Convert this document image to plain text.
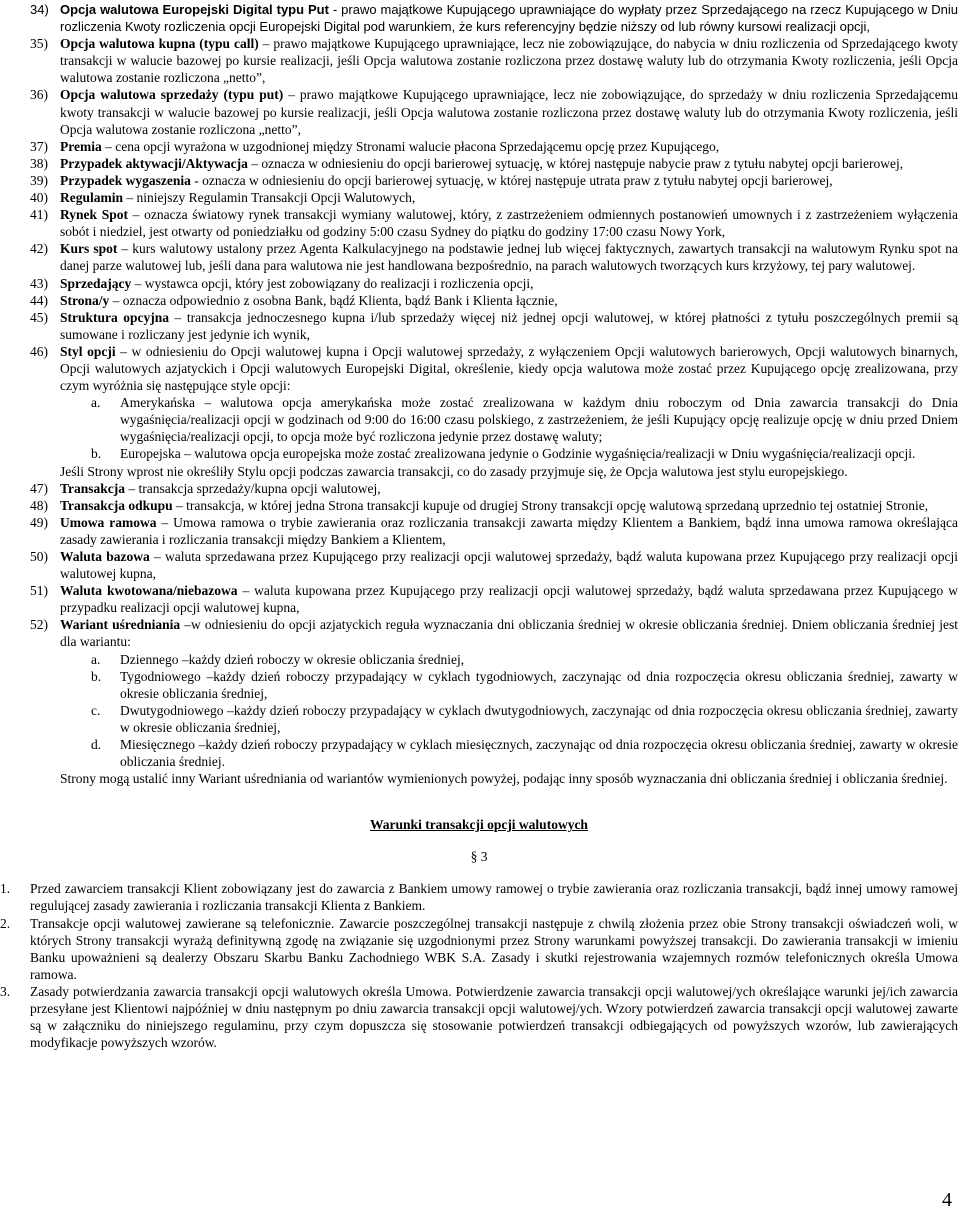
34) Opcja walutowa Europejski Digital typu Put - prawo majątkowe Kupującego uprawniające do wypłaty przez Sprzedającego na rzecz Kupującego w Dniu rozliczenia Kwoty rozliczenia opcji Europejski Digital pod warunkiem, że kurs referencyjny będzie niższy od lub równy kursowi realizacji opcji,
35) Opcja walutowa kupna (typu call) – prawo majątkowe Kupującego uprawniające, lecz nie zobowiązujące, do nabycia w dniu rozliczenia od Sprzedającego kwoty transakcji w walucie bazowej po kursie realizacji, jeśli Opcja walutowa zostanie rozliczona przez dostawę waluty lub do otrzymania Kwoty rozliczenia, jeśli Opcja walutowa zostanie rozliczona „netto”,
36) Opcja walutowa sprzedaży (typu put) – prawo majątkowe Kupującego uprawniające, lecz nie zobowiązujące, do sprzedaży w dniu rozliczenia Sprzedającemu kwoty transakcji w walucie bazowej po kursie realizacji, jeśli Opcja walutowa zostanie rozliczona przez dostawę waluty lub do otrzymania Kwoty rozliczenia, jeśli Opcja walutowa zostanie rozliczona „netto”,
37) Premia – cena opcji wyrażona w uzgodnionej między Stronami walucie płacona Sprzedającemu opcję przez Kupującego,
38) Przypadek aktywacji/Aktywacja – oznacza w odniesieniu do opcji barierowej sytuację, w której następuje nabycie praw z tytułu nabytej opcji barierowej,
39) Przypadek wygaszenia - oznacza w odniesieniu do opcji barierowej sytuację, w której następuje utrata praw z tytułu nabytej opcji barierowej,
40) Regulamin – niniejszy Regulamin Transakcji Opcji Walutowych,
41) Rynek Spot – oznacza światowy rynek transakcji wymiany walutowej, który, z zastrzeżeniem odmiennych postanowień umownych i z zastrzeżeniem wyłączenia sobót i niedziel, jest otwarty od poniedziałku od godziny 5:00 czasu Sydney do piątku do godziny 17:00 czasu Nowy York,
42) Kurs spot – kurs walutowy ustalony przez Agenta Kalkulacyjnego na podstawie jednej lub więcej faktycznych, zawartych transakcji na walutowym Rynku spot na danej parze walutowej lub, jeśli dana para walutowa nie jest handlowana bezpośrednio, na parach walutowych tworzących kurs krzyżowy, tej pary walutowej.
43) Sprzedający – wystawca opcji, który jest zobowiązany do realizacji i rozliczenia opcji,
44) Strona/y – oznacza odpowiednio z osobna Bank, bądź Klienta, bądź Bank i Klienta łącznie,
45) Struktura opcyjna – transakcja jednoczesnego kupna i/lub sprzedaży więcej niż jednej opcji walutowej, w której płatności z tytułu poszczególnych premii są sumowane i rozliczany jest jedynie ich wynik,
46) Styl opcji – w odniesieniu do Opcji walutowej kupna i Opcji walutowej sprzedaży, z wyłączeniem Opcji walutowych barierowych, Opcji walutowych binarnych, Opcji walutowych azjatyckich i Opcji walutowych Europejski Digital, określenie, kiedy opcja walutowa może zostać przez Kupującego opcję zrealizowana, przy czym wyróżnia się następujące style opcji:
a. Amerykańska – walutowa opcja amerykańska może zostać zrealizowana w każdym dniu roboczym od Dnia zawarcia transakcji do Dnia wygaśnięcia/realizacji opcji w godzinach od 9:00 do 16:00 czasu polskiego, z zastrzeżeniem, że jeśli Kupujący opcję realizuje opcję w dniu przed Dniem wygaśnięcia/realizacji opcji, to opcja może być rozliczona jedynie przez dostawę waluty;
b. Europejska – walutowa opcja europejska może zostać zrealizowana jedynie o Godzinie wygaśnięcia/realizacji w Dniu wygaśnięcia/realizacji opcji.
Jeśli Strony wprost nie określiły Stylu opcji podczas zawarcia transakcji, co do zasady przyjmuje się, że Opcja walutowa jest stylu europejskiego.
47) Transakcja – transakcja sprzedaży/kupna opcji walutowej,
48) Transakcja odkupu – transakcja, w której jedna Strona transakcji kupuje od drugiej Strony transakcji opcję walutową sprzedaną uprzednio tej ostatniej Stronie,
49) Umowa ramowa – Umowa ramowa o trybie zawierania oraz rozliczania transakcji zawarta między Klientem a Bankiem, bądź inna umowa ramowa określająca zasady zawierania i rozliczania transakcji między Bankiem a Klientem,
50) Waluta bazowa – waluta sprzedawana przez Kupującego przy realizacji opcji walutowej sprzedaży, bądź waluta kupowana przez Kupującego przy realizacji opcji walutowej kupna,
51) Waluta kwotowana/niebazowa – waluta kupowana przez Kupującego przy realizacji opcji walutowej sprzedaży, bądź waluta sprzedawana przez Kupującego w przypadku realizacji opcji walutowej kupna,
52) Wariant uśredniania –w odniesieniu do opcji azjatyckich reguła wyznaczania dni obliczania średniej w okresie obliczania średniej. Dniem obliczania średniej jest dla wariantu:
a. Dziennego –każdy dzień roboczy w okresie obliczania średniej,
b. Tygodniowego –każdy dzień roboczy przypadający w cyklach tygodniowych, zaczynając od dnia rozpoczęcia okresu obliczania średniej, zawarty w okresie obliczania średniej,
c. Dwutygodniowego –każdy dzień roboczy przypadający w cyklach dwutygodniowych, zaczynając od dnia rozpoczęcia okresu obliczania średniej, zawarty w okresie obliczania średniej,
d. Miesięcznego –każdy dzień roboczy przypadający w cyklach miesięcznych, zaczynając od dnia rozpoczęcia okresu obliczania średniej, zawarty w okresie obliczania średniej.
Strony mogą ustalić inny Wariant uśredniania od wariantów wymienionych powyżej, podając inny sposób wyznaczania dni obliczania średniej i obliczania średniej.
Warunki transakcji opcji walutowych
§ 3
1. Przed zawarciem transakcji Klient zobowiązany jest do zawarcia z Bankiem umowy ramowej o trybie zawierania oraz rozliczania transakcji, bądź innej umowy ramowej regulującej zasady zawierania i rozliczania transakcji Klienta z Bankiem.
2. Transakcje opcji walutowej zawierane są telefonicznie. Zawarcie poszczególnej transakcji następuje z chwilą złożenia przez obie Strony transakcji oświadczeń woli, w których Strony transakcji wyrażą definitywną zgodę na związanie się uzgodnionymi przez Strony warunkami powyższej transakcji. Do zawierania transakcji w imieniu Banku upoważnieni są dealerzy Obszaru Skarbu Banku Zachodniego WBK S.A. Zasady i skutki rejestrowania wzajemnych rozmów telefonicznych określa Umowa ramowa.
3. Zasady potwierdzania zawarcia transakcji opcji walutowych określa Umowa. Potwierdzenie zawarcia transakcji opcji walutowej/ych określające warunki jej/ich zawarcia przesyłane jest Klientowi najpóźniej w dniu następnym po dniu zawarcia transakcji opcji walutowej/ych. Wzory potwierdzeń zawarcia transakcji opcji walutowej zawarte są w załączniku do niniejszego regulaminu, przy czym dopuszcza się stosowanie potwierdzeń transakcji odbiegających od powyższych wzorów, lub zawierających modyfikacje powyższych wzorów.
4
